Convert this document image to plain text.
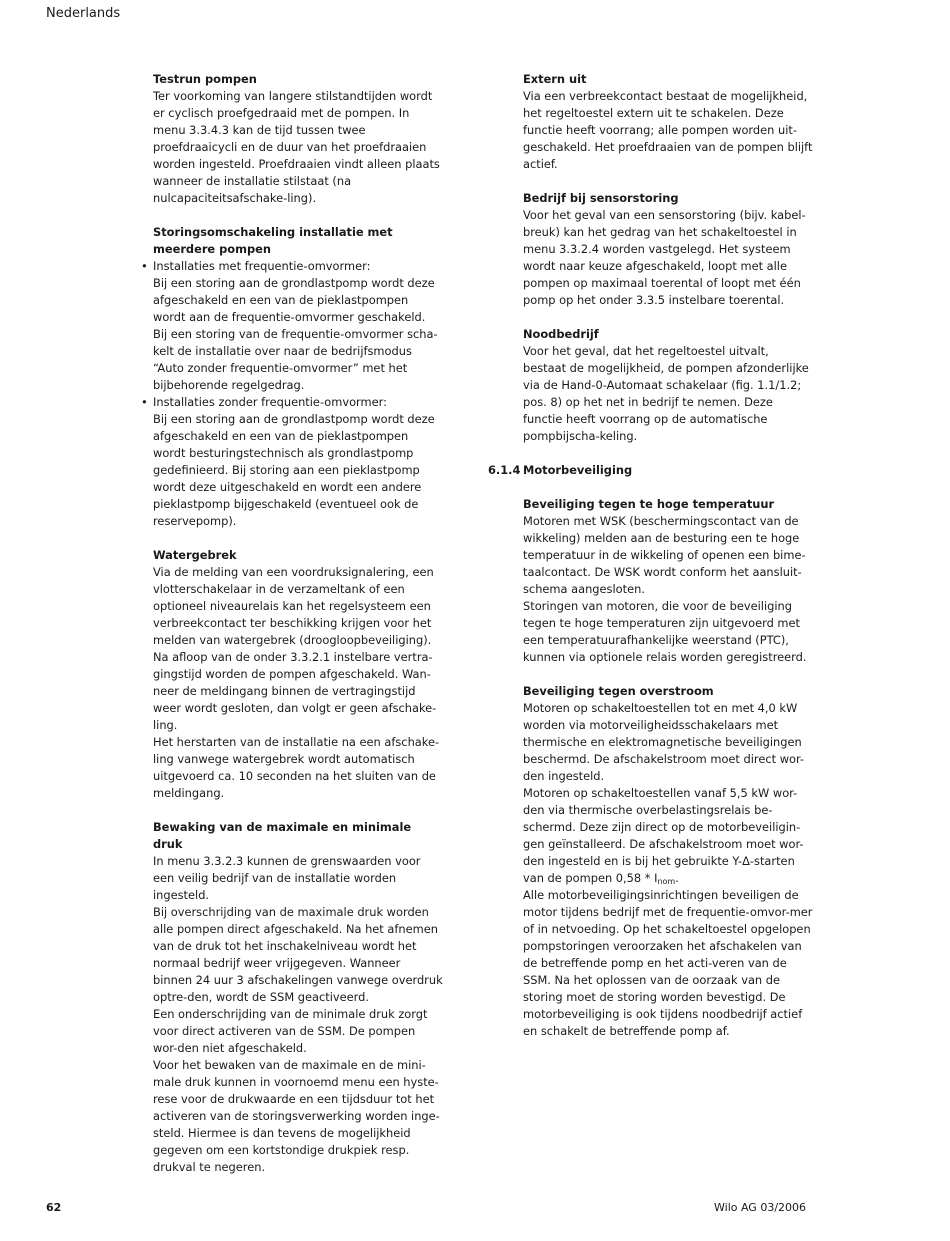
Nederlands
Testrun pompen

Ter voorkoming van langere stilstandtijden wordt er cyclisch proefgedraaid met de pompen. In menu 3.3.4.3 kan de tijd tussen twee proefdraaicycli en de duur van het proefdraaien worden ingesteld. Proefdraaien vindt alleen plaats wanneer de installatie stilstaat (na nulcapaciteitsafschake-ling).

Storingsomschakeling installatie met meerdere pompen
• Installaties met frequentie-omvormer:

Bij een storing aan de grondlastpomp wordt deze afgeschakeld en een van de pieklastpompen wordt aan de frequentie-omvormer geschakeld.

Bij een storing van de frequentie-omvormer scha-kelt de installatie over naar de bedrijfsmodus “Auto zonder frequentie-omvormer” met het bijbehorende regelgedrag.

• Installaties zonder frequentie-omvormer:

Bij een storing aan de grondlastpomp wordt deze afgeschakeld en een van de pieklastpompen wordt besturingstechnisch als grondlastpomp gedefinieerd. Bij storing aan een pieklastpomp wordt deze uitgeschakeld en wordt een andere pieklastpomp bijgeschakeld (eventueel ook de reservepomp).

Watergebrek

Via de melding van een voordruksignalering, een vlotterschakelaar in de verzameltank of een optioneel niveaurelais kan het regelsysteem een verbreekcontact ter beschikking krijgen voor het melden van watergebrek (droogloopbeveiliging). Na afloop van de onder 3.3.2.1 instelbare vertra-gingstijd worden de pompen afgeschakeld. Wan-neer de meldingang binnen de vertragingstijd weer wordt gesloten, dan volgt er geen afschake-ling.

Het herstarten van de installatie na een afschake-ling vanwege watergebrek wordt automatisch uitgevoerd ca. 10 seconden na het sluiten van de meldingang.

Bewaking van de maximale en minimale druk

In menu 3.3.2.3 kunnen de grenswaarden voor een veilig bedrijf van de installatie worden ingesteld.

Bij overschrijding van de maximale druk worden alle pompen direct afgeschakeld. Na het afnemen van de druk tot het inschakelniveau wordt het normaal bedrijf weer vrijgegeven. Wanneer binnen 24 uur 3 afschakelingen vanwege overdruk optre-den, wordt de SSM geactiveerd.

Een onderschrijding van de minimale druk zorgt voor direct activeren van de SSM. De pompen wor-den niet afgeschakeld.

Voor het bewaken van de maximale en de mini-male druk kunnen in voornoemd menu een hyste-rese voor de drukwaarde en een tijdsduur tot het activeren van de storingsverwerking worden inge-steld. Hiermee is dan tevens de mogelijkheid gegeven om een kortstondige drukpiek resp. drukval te negeren.

Extern uit

Via een verbreekcontact bestaat de mogelijkheid, het regeltoestel extern uit te schakelen. Deze functie heeft voorrang; alle pompen worden uit-geschakeld. Het proefdraaien van de pompen blijft actief.

Bedrijf bij sensorstoring

Voor het geval van een sensorstoring (bijv. kabel-breuk) kan het gedrag van het schakeltoestel in menu 3.3.2.4 worden vastgelegd. Het systeem wordt naar keuze afgeschakeld, loopt met alle pompen op maximaal toerental of loopt met één pomp op het onder 3.3.5 instelbare toerental.

Noodbedrijf

Voor het geval, dat het regeltoestel uitvalt, bestaat de mogelijkheid, de pompen afzonderlijke via de Hand-0-Automaat schakelaar (fig. 1.1/1.2; pos. 8) op het net in bedrijf te nemen. Deze functie heeft voorrang op de automatische pompbijscha-keling.

6.1.4 Motorbeveiliging
Beveiliging tegen te hoge temperatuur

Motoren met WSK (beschermingscontact van de wikkeling) melden aan de besturing een te hoge temperatuur in de wikkeling of openen een bime-taalcontact. De WSK wordt conform het aansluit-schema aangesloten.

Storingen van motoren, die voor de beveiliging tegen te hoge temperaturen zijn uitgevoerd met een temperatuurafhankelijke weerstand (PTC), kunnen via optionele relais worden geregistreerd.

Beveiliging tegen overstroom

Motoren op schakeltoestellen tot en met 4,0 kW worden via motorveiligheidsschakelaars met thermische en elektromagnetische beveiligingen beschermd. De afschakelstroom moet direct wor-den ingesteld.

Motoren op schakeltoestellen vanaf 5,5 kW wor-den via thermische overbelastingsrelais be-schermd. Deze zijn direct op de motorbeveiligin-gen geïnstalleerd. De afschakelstroom moet wor-den ingesteld en is bij het gebruikte Y-Δ-starten van de pompen $0,58 * I_{nom}$.

Alle motorbeveiligingsinrichtingen beveiligen de motor tijdens bedrijf met de frequentie-omvor-mer of in netvoeding. Op het schakeltoestel opgelopen pompstoringen veroorzaken het afschakelen van de betreffende pomp en het acti-veren van de SSM. Na het oplossen van de oorzaak van de storing moet de storing worden bevestigd. De motorbeveiliging is ook tijdens noodbedrijf actief en schakelt de betreffende pomp af.

62	Wilo AG 03/2006
